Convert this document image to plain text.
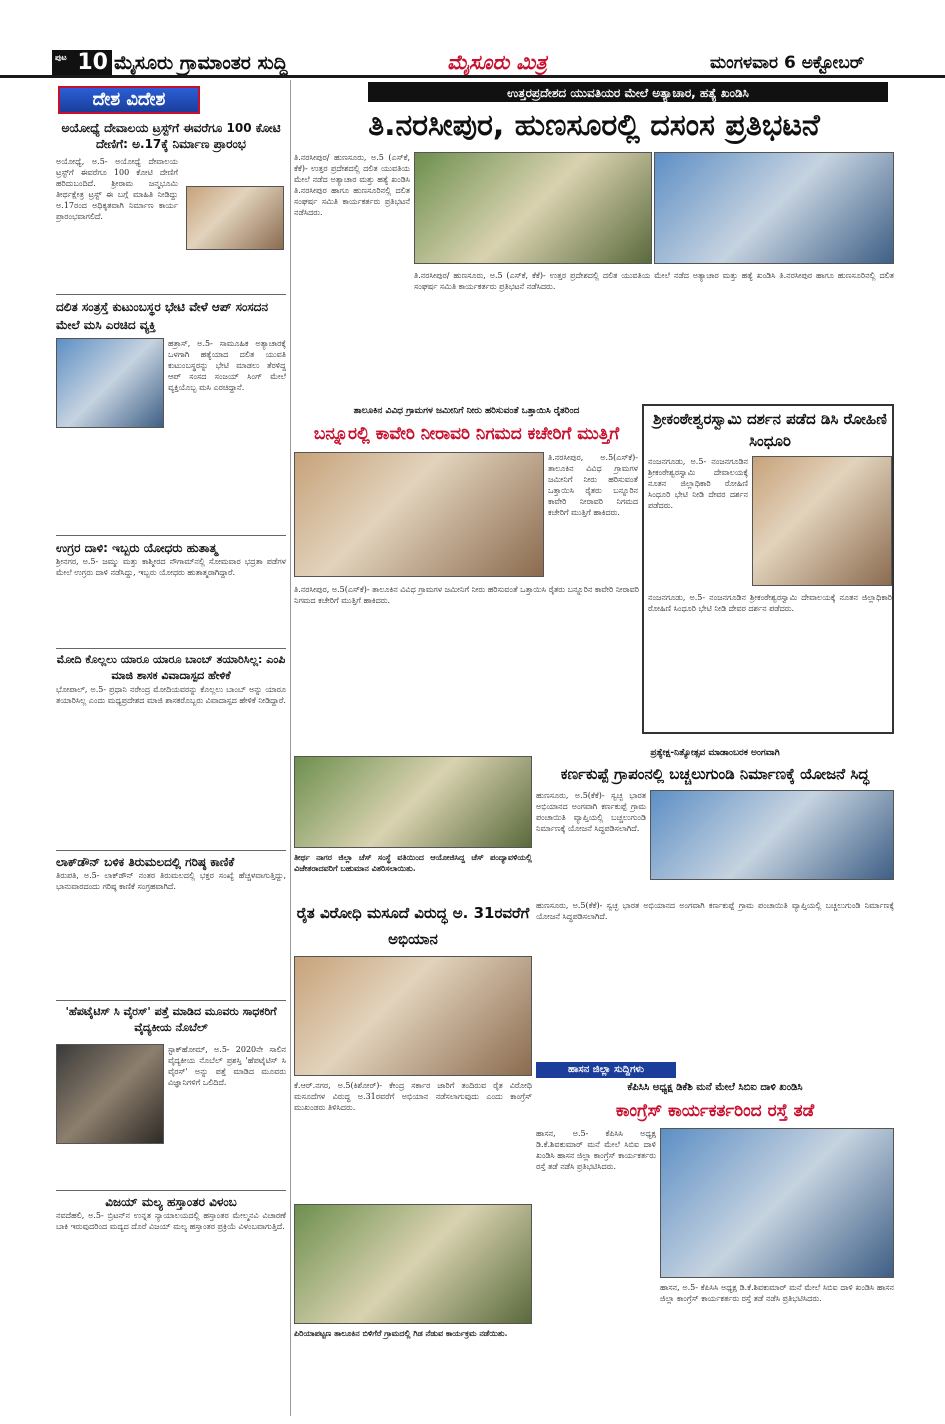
ಪುಟ 10 ಮೈಸೂರು ಗ್ರಾಮಾಂತರ ಸುದ್ದಿ	ಮೈಸೂರು ಮಿತ್ರ	ಮಂಗಳವಾರ 6 ಅಕ್ಟೋಬರ್
ದೇಶ ವಿದೇಶ

ಅಯೋಧ್ಯೆ ದೇವಾಲಯ ಟ್ರಸ್ಟ್‌ಗೆ ಈವರೆಗೂ 100 ಕೋಟಿ ದೇಣಿಗೆ: ಅ.17ಕ್ಕೆ ನಿರ್ಮಾಣ ಪ್ರಾರಂಭ

ಅಯೋಧ್ಯೆ, ಅ.5- ಅಯೋಧ್ಯೆ ದೇವಾಲಯ ಟ್ರಸ್ಟ್‌ಗೆ ಈವರೆಗೂ 100 ಕೋಟಿ ದೇಣಿಗೆ ಹರಿದುಬಂದಿದೆ. ಶ್ರೀರಾಮ ಜನ್ಮಭೂಮಿ ತೀರ್ಥಕ್ಷೇತ್ರ ಟ್ರಸ್ಟ್ ಈ ಬಗ್ಗೆ ಮಾಹಿತಿ ನೀಡಿದ್ದು ಅ.17ರಂದ ಅಧಿಕೃತವಾಗಿ ನಿರ್ಮಾಣ ಕಾರ್ಯ ಪ್ರಾರಂಭವಾಗಲಿದೆ.

ದಲಿತ ಸಂತ್ರಸ್ತೆ ಕುಟುಂಬಸ್ಥರ ಭೇಟಿ ವೇಳೆ ಆಪ್ ಸಂಸದನ ಮೇಲೆ ಮಸಿ ಎರಚಿದ ವ್ಯಕ್ತಿ

ಹತ್ರಾಸ್, ಅ.5- ಸಾಮೂಹಿಕ ಅತ್ಯಾಚಾರಕ್ಕೆ ಒಳಗಾಗಿ ಹತ್ಯೆಯಾದ ದಲಿತ ಯುವತಿ ಕುಟುಂಬಸ್ಥರನ್ನು ಭೇಟಿ ಮಾಡಲು ತೆರಳಿದ್ದ ಆಪ್ ಸಂಸದ ಸಂಜಯ್ ಸಿಂಗ್ ಮೇಲೆ ವ್ಯಕ್ತಿಯೊಬ್ಬ ಮಸಿ ಎರಚಿದ್ದಾನೆ.

ಉಗ್ರರ ದಾಳಿ: ಇಬ್ಬರು ಯೋಧರು ಹುತಾತ್ಮ

ಶ್ರೀನಗರ, ಅ.5- ಜಮ್ಮು ಮತ್ತು ಕಾಶ್ಮೀರದ ನೌಗಾಮ್‌ನಲ್ಲಿ ಸೋಮವಾರ ಭದ್ರತಾ ಪಡೆಗಳ ಮೇಲೆ ಉಗ್ರರು ದಾಳಿ ನಡೆಸಿದ್ದು, ಇಬ್ಬರು ಯೋಧರು ಹುತಾತ್ಮರಾಗಿದ್ದಾರೆ.

ಮೋದಿ ಕೊಲ್ಲಲು ಯಾರೂ ಯಾರೂ ಬಾಂಬ್ ತಯಾರಿಸಿಲ್ಲ: ಎಂಪಿ ಮಾಜಿ ಶಾಸಕ ವಿವಾದಾಸ್ಪದ ಹೇಳಿಕೆ

ಭೋಪಾಲ್, ಅ.5- ಪ್ರಧಾನಿ ನರೇಂದ್ರ ಮೋದಿಯವರನ್ನು ಕೊಲ್ಲಲು ಬಾಂಬ್ ಅನ್ನು ಯಾರೂ ತಯಾರಿಸಿಲ್ಲ ಎಂದು ಮಧ್ಯಪ್ರದೇಶದ ಮಾಜಿ ಶಾಸಕರೊಬ್ಬರು ವಿವಾದಾಸ್ಪದ ಹೇಳಿಕೆ ನೀಡಿದ್ದಾರೆ.

ಲಾಕ್‌ಡೌನ್ ಬಳಿಕ ತಿರುಮಲದಲ್ಲಿ ಗರಿಷ್ಠ ಕಾಣಿಕೆ

ತಿರುಪತಿ, ಅ.5- ಲಾಕ್‌ಡೌನ್ ನಂತರ ತಿರುಮಲದಲ್ಲಿ ಭಕ್ತರ ಸಂಖ್ಯೆ ಹೆಚ್ಚಳವಾಗುತ್ತಿದ್ದು, ಭಾನುವಾರದಂದು ಗರಿಷ್ಠ ಕಾಣಿಕೆ ಸಂಗ್ರಹವಾಗಿದೆ.

'ಹೆಪಟೈಟಿಸ್ ಸಿ ವೈರಸ್' ಪತ್ತೆ ಮಾಡಿದ ಮೂವರು ಸಾಧಕರಿಗೆ ವೈದ್ಯಕೀಯ ನೊಬೆಲ್

ಸ್ಟಾಕ್‌ಹೋಮ್, ಅ.5- 2020ನೇ ಸಾಲಿನ ವೈದ್ಯಕೀಯ ನೊಬೆಲ್ ಪ್ರಶಸ್ತಿ 'ಹೆಪಟೈಟಿಸ್ ಸಿ ವೈರಸ್' ಅನ್ನು ಪತ್ತೆ ಮಾಡಿದ ಮೂವರು ವಿಜ್ಞಾನಿಗಳಿಗೆ ಒಲಿದಿದೆ.

ವಿಜಯ್ ಮಲ್ಯ ಹಸ್ತಾಂತರ ವಿಳಂಬ

ನವದೆಹಲಿ, ಅ.5- ಬ್ರಿಟನ್‌ನ ಉನ್ನತ ನ್ಯಾಯಾಲಯದಲ್ಲಿ ಹಸ್ತಾಂತರ ಮೇಲ್ಮನವಿ ವಿಚಾರಣೆ ಬಾಕಿ ಇರುವುದರಿಂದ ಮದ್ಯದ ದೊರೆ ವಿಜಯ್ ಮಲ್ಯ ಹಸ್ತಾಂತರ ಪ್ರಕ್ರಿಯೆ ವಿಳಂಬವಾಗುತ್ತಿದೆ.

ಉತ್ತರಪ್ರದೇಶದ ಯುವತಿಯರ ಮೇಲೆ ಅತ್ಯಾಚಾರ, ಹತ್ಯೆ ಖಂಡಿಸಿ
ತಿ.ನರಸೀಪುರ, ಹುಣಸೂರಲ್ಲಿ ದಸಂಸ ಪ್ರತಿಭಟನೆ

ತಿ.ನರಸೀಪುರ/ ಹುಣಸೂರು, ಅ.5 (ಎಸ್‌ಕೆ, ಕೆಕೆ)- ಉತ್ತರ ಪ್ರದೇಶದಲ್ಲಿ ದಲಿತ ಯುವತಿಯ ಮೇಲೆ ನಡೆದ ಅತ್ಯಾಚಾರ ಮತ್ತು ಹತ್ಯೆ ಖಂಡಿಸಿ ತಿ.ನರಸೀಪುರ ಹಾಗೂ ಹುಣಸೂರಿನಲ್ಲಿ ದಲಿತ ಸಂಘರ್ಷ ಸಮಿತಿ ಕಾರ್ಯಕರ್ತರು ಪ್ರತಿಭಟನೆ ನಡೆಸಿದರು.

ತಿ.ನರಸೀಪುರ/ ಹುಣಸೂರು, ಅ.5 (ಎಸ್‌ಕೆ, ಕೆಕೆ)- ಉತ್ತರ ಪ್ರದೇಶದಲ್ಲಿ ದಲಿತ ಯುವತಿಯ ಮೇಲೆ ನಡೆದ ಅತ್ಯಾಚಾರ ಮತ್ತು ಹತ್ಯೆ ಖಂಡಿಸಿ ತಿ.ನರಸೀಪುರ ಹಾಗೂ ಹುಣಸೂರಿನಲ್ಲಿ ದಲಿತ ಸಂಘರ್ಷ ಸಮಿತಿ ಕಾರ್ಯಕರ್ತರು ಪ್ರತಿಭಟನೆ ನಡೆಸಿದರು.

ತಾಲೂಕಿನ ವಿವಿಧ ಗ್ರಾಮಗಳ ಜಮೀನಿಗೆ ನೀರು ಹರಿಸುವಂತೆ ಒತ್ತಾಯಿಸಿ ರೈತರಿಂದ
ಬನ್ನೂರಲ್ಲಿ ಕಾವೇರಿ ನೀರಾವರಿ ನಿಗಮದ ಕಚೇರಿಗೆ ಮುತ್ತಿಗೆ

ತಿ.ನರಸೀಪುರ, ಅ.5(ಎಸ್‌ಕೆ)- ತಾಲೂಕಿನ ವಿವಿಧ ಗ್ರಾಮಗಳ ಜಮೀನಿಗೆ ನೀರು ಹರಿಸುವಂತೆ ಒತ್ತಾಯಿಸಿ ರೈತರು ಬನ್ನೂರಿನ ಕಾವೇರಿ ನೀರಾವರಿ ನಿಗಮದ ಕಚೇರಿಗೆ ಮುತ್ತಿಗೆ ಹಾಕಿದರು.

ತಿ.ನರಸೀಪುರ, ಅ.5(ಎಸ್‌ಕೆ)- ತಾಲೂಕಿನ ವಿವಿಧ ಗ್ರಾಮಗಳ ಜಮೀನಿಗೆ ನೀರು ಹರಿಸುವಂತೆ ಒತ್ತಾಯಿಸಿ ರೈತರು ಬನ್ನೂರಿನ ಕಾವೇರಿ ನೀರಾವರಿ ನಿಗಮದ ಕಚೇರಿಗೆ ಮುತ್ತಿಗೆ ಹಾಕಿದರು.

ಶ್ರೀಕಂಠೇಶ್ವರಸ್ವಾಮಿ ದರ್ಶನ ಪಡೆದ ಡಿಸಿ ರೋಹಿಣಿ ಸಿಂಧೂರಿ

ನಂಜನಗೂಡು, ಅ.5- ನಂಜನಗೂಡಿನ ಶ್ರೀಕಂಠೇಶ್ವರಸ್ವಾಮಿ ದೇವಾಲಯಕ್ಕೆ ನೂತನ ಜಿಲ್ಲಾಧಿಕಾರಿ ರೋಹಿಣಿ ಸಿಂಧೂರಿ ಭೇಟಿ ನೀಡಿ ದೇವರ ದರ್ಶನ ಪಡೆದರು.

ನಂಜನಗೂಡು, ಅ.5- ನಂಜನಗೂಡಿನ ಶ್ರೀಕಂಠೇಶ್ವರಸ್ವಾಮಿ ದೇವಾಲಯಕ್ಕೆ ನೂತನ ಜಿಲ್ಲಾಧಿಕಾರಿ ರೋಹಿಣಿ ಸಿಂಧೂರಿ ಭೇಟಿ ನೀಡಿ ದೇವರ ದರ್ಶನ ಪಡೆದರು.

ತೀರ್ಥ ನಾಗರ ಜಿಲ್ಲಾ ಚೆಸ್ ಸಂಸ್ಥೆ ವತಿಯಿಂದ ಆಯೋಜಿಸಿದ್ದ ಚೆಸ್ ಪಂದ್ಯಾವಳಿಯಲ್ಲಿ ವಿಜೇತರಾದವರಿಗೆ ಬಹುಮಾನ ವಿತರಿಸಲಾಯಿತು.

ಪ್ರತ್ಯೇಕ್ಷ-ನಿತ್ಯೋತ್ಸವ ಮಾಡಾಂಬರಕ ಅಂಗವಾಗಿ
ಕರ್ಣಕುಪ್ಪೆ ಗ್ರಾಪಂನಲ್ಲಿ ಬಚ್ಚಲುಗುಂಡಿ ನಿರ್ಮಾಣಕ್ಕೆ ಯೋಜನೆ ಸಿದ್ಧ

ಹುಣಸೂರು, ಅ.5(ಕೆಕೆ)- ಸ್ವಚ್ಛ ಭಾರತ ಅಭಿಯಾನದ ಅಂಗವಾಗಿ ಕರ್ಣಕುಪ್ಪೆ ಗ್ರಾಮ ಪಂಚಾಯಿತಿ ವ್ಯಾಪ್ತಿಯಲ್ಲಿ ಬಚ್ಚಲುಗುಂಡಿ ನಿರ್ಮಾಣಕ್ಕೆ ಯೋಜನೆ ಸಿದ್ಧಪಡಿಸಲಾಗಿದೆ.

ಹುಣಸೂರು, ಅ.5(ಕೆಕೆ)- ಸ್ವಚ್ಛ ಭಾರತ ಅಭಿಯಾನದ ಅಂಗವಾಗಿ ಕರ್ಣಕುಪ್ಪೆ ಗ್ರಾಮ ಪಂಚಾಯಿತಿ ವ್ಯಾಪ್ತಿಯಲ್ಲಿ ಬಚ್ಚಲುಗುಂಡಿ ನಿರ್ಮಾಣಕ್ಕೆ ಯೋಜನೆ ಸಿದ್ಧಪಡಿಸಲಾಗಿದೆ.

ರೈತ ವಿರೋಧಿ ಮಸೂದೆ ವಿರುದ್ಧ ಅ. 31ರವರೆಗೆ ಅಭಿಯಾನ

ಕೆ.ಆರ್.ನಗರ, ಅ.5(ಕಿಶೋರ್)- ಕೇಂದ್ರ ಸರ್ಕಾರ ಜಾರಿಗೆ ತಂದಿರುವ ರೈತ ವಿರೋಧಿ ಮಸೂದೆಗಳ ವಿರುದ್ಧ ಅ.31ರವರೆಗೆ ಅಭಿಯಾನ ನಡೆಸಲಾಗುವುದು ಎಂದು ಕಾಂಗ್ರೆಸ್ ಮುಖಂಡರು ತಿಳಿಸಿದರು.

ಪಿರಿಯಾಪಟ್ಟಣ ತಾಲೂಕಿನ ಬಿಳಿಗೆರೆ ಗ್ರಾಮದಲ್ಲಿ ಗಿಡ ನೆಡುವ ಕಾರ್ಯಕ್ರಮ ನಡೆಯಿತು.

ಹಾಸನ ಜಿಲ್ಲಾ ಸುದ್ದಿಗಳು
ಕೆಪಿಸಿಸಿ ಅಧ್ಯಕ್ಷ ಡಿಕೆಶಿ ಮನೆ ಮೇಲೆ ಸಿಬಿಐ ದಾಳಿ ಖಂಡಿಸಿ
ಕಾಂಗ್ರೆಸ್ ಕಾರ್ಯಕರ್ತರಿಂದ ರಸ್ತೆ ತಡೆ

ಹಾಸನ, ಅ.5- ಕೆಪಿಸಿಸಿ ಅಧ್ಯಕ್ಷ ಡಿ.ಕೆ.ಶಿವಕುಮಾರ್ ಮನೆ ಮೇಲೆ ಸಿಬಿಐ ದಾಳಿ ಖಂಡಿಸಿ ಹಾಸನ ಜಿಲ್ಲಾ ಕಾಂಗ್ರೆಸ್ ಕಾರ್ಯಕರ್ತರು ರಸ್ತೆ ತಡೆ ನಡೆಸಿ ಪ್ರತಿಭಟಿಸಿದರು.

ಹಾಸನ, ಅ.5- ಕೆಪಿಸಿಸಿ ಅಧ್ಯಕ್ಷ ಡಿ.ಕೆ.ಶಿವಕುಮಾರ್ ಮನೆ ಮೇಲೆ ಸಿಬಿಐ ದಾಳಿ ಖಂಡಿಸಿ ಹಾಸನ ಜಿಲ್ಲಾ ಕಾಂಗ್ರೆಸ್ ಕಾರ್ಯಕರ್ತರು ರಸ್ತೆ ತಡೆ ನಡೆಸಿ ಪ್ರತಿಭಟಿಸಿದರು.
